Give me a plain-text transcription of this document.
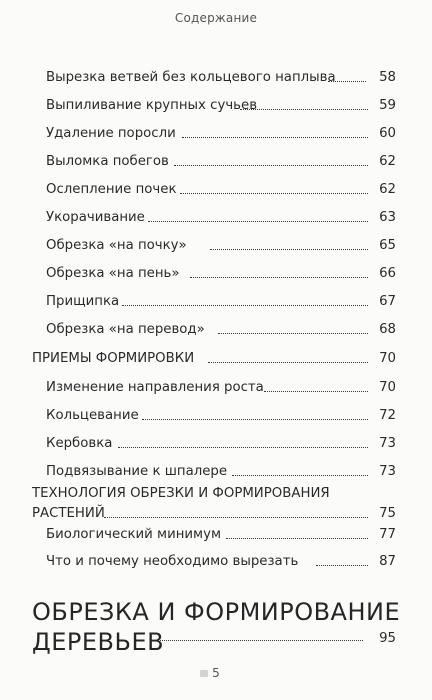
Содержание
Вырезка ветвей без кольцевого наплыва	58
Выпиливание крупных сучьев	59
Удаление поросли	60
Выломка побегов	62
Ослепление почек	62
Укорачивание	63
Обрезка «на почку»	65
Обрезка «на пень»	66
Прищипка	67
Обрезка «на перевод»	68
ПРИЕМЫ ФОРМИРОВКИ	70
Изменение направления роста	70
Кольцевание	72
Кербовка	73
Подвязывание к шпалере	73
ТЕХНОЛОГИЯ ОБРЕЗКИ И ФОРМИРОВАНИЯ
РАСТЕНИЙ	75
Биологический минимум	77
Что и почему необходимо вырезать	87
ОБРЕЗКА И ФОРМИРОВАНИЕ
ДЕРЕВЬЕВ	95
5
